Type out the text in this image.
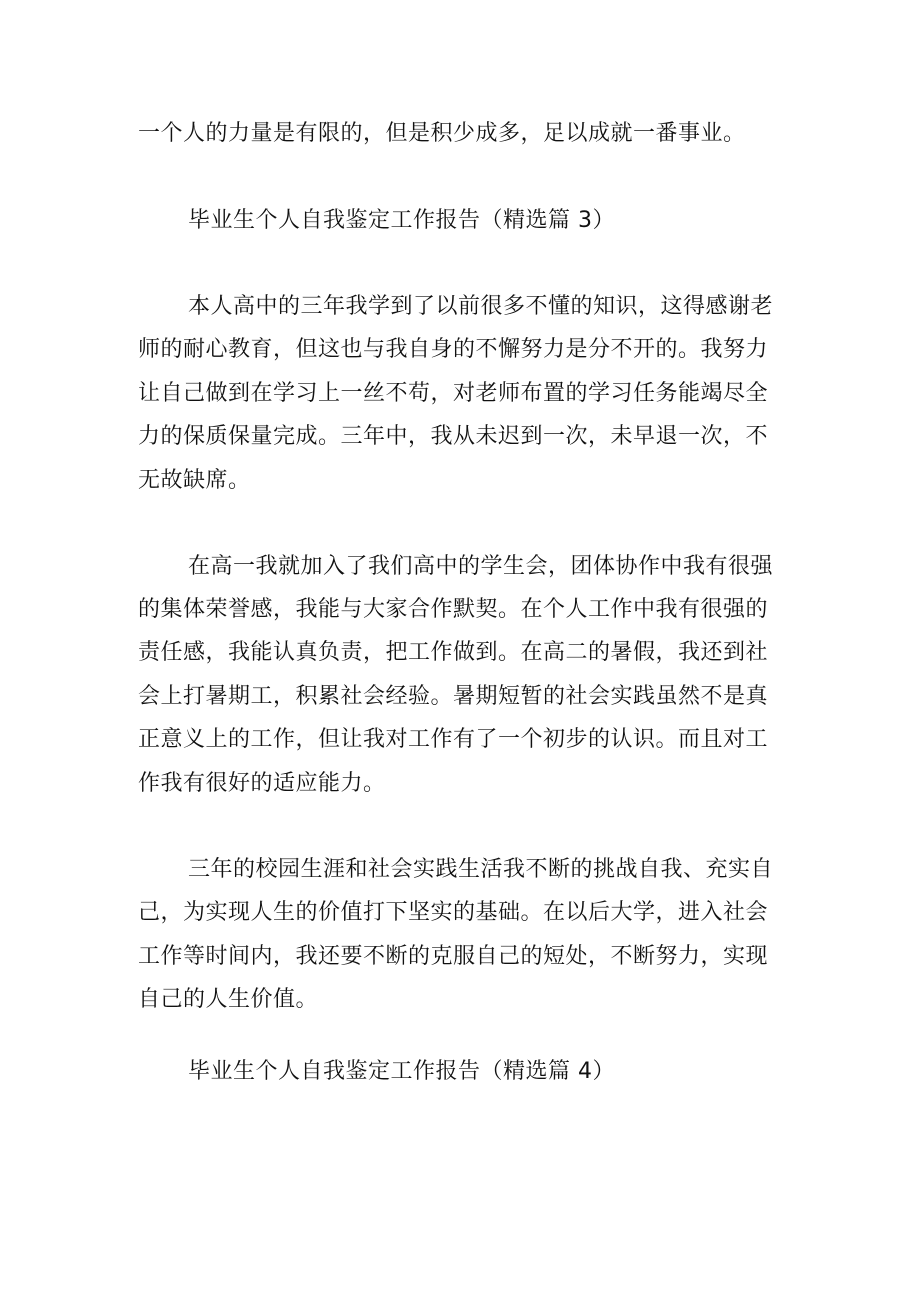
一个人的力量是有限的，但是积少成多，足以成就一番事业。
毕业生个人自我鉴定工作报告（精选篇 3）
本人高中的三年我学到了以前很多不懂的知识，这得感谢老
师的耐心教育，但这也与我自身的不懈努力是分不开的。我努力
让自己做到在学习上一丝不苟，对老师布置的学习任务能竭尽全
力的保质保量完成。三年中，我从未迟到一次，未早退一次，不
无故缺席。
在高一我就加入了我们高中的学生会，团体协作中我有很强
的集体荣誉感，我能与大家合作默契。在个人工作中我有很强的
责任感，我能认真负责，把工作做到。在高二的暑假，我还到社
会上打暑期工，积累社会经验。暑期短暂的社会实践虽然不是真
正意义上的工作，但让我对工作有了一个初步的认识。而且对工
作我有很好的适应能力。
三年的校园生涯和社会实践生活我不断的挑战自我、充实自
己，为实现人生的价值打下坚实的基础。在以后大学，进入社会
工作等时间内，我还要不断的克服自己的短处，不断努力，实现
自己的人生价值。
毕业生个人自我鉴定工作报告（精选篇 4）
